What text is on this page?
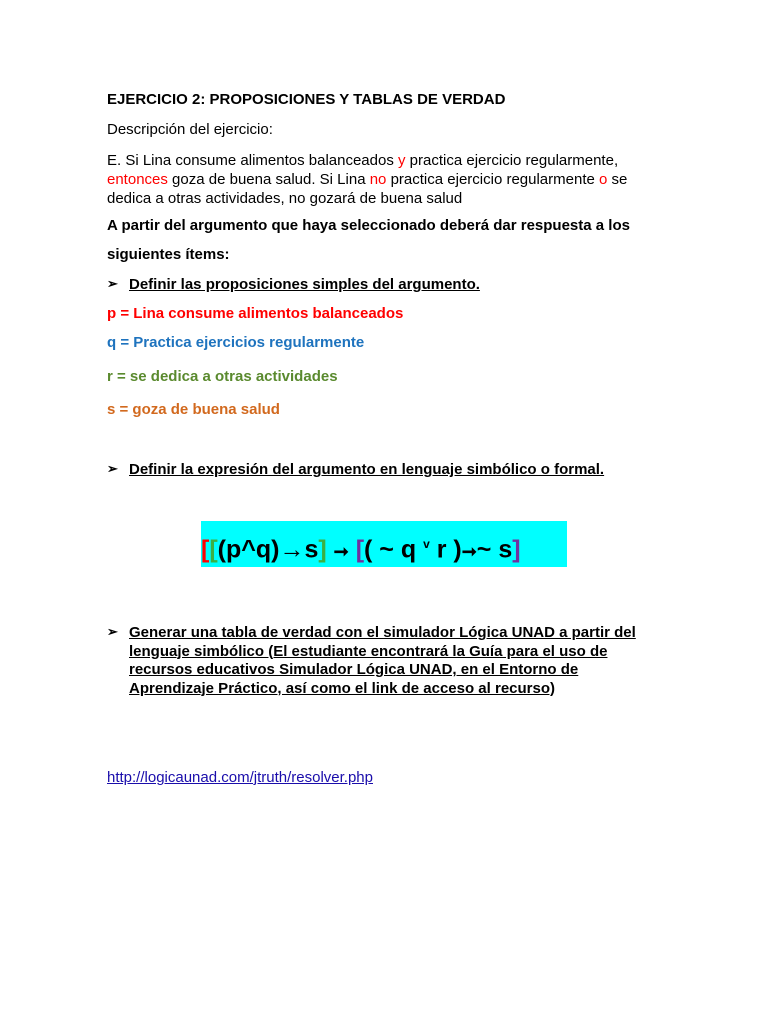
EJERCICIO 2: PROPOSICIONES Y TABLAS DE VERDAD
Descripción del ejercicio:
E. Si Lina consume alimentos balanceados y practica ejercicio regularmente, entonces goza de buena salud. Si Lina no practica ejercicio regularmente o se dedica a otras actividades, no gozará de buena salud
A partir del argumento que haya seleccionado deberá dar respuesta a los
siguientes ítems:
➢ Definir las proposiciones simples del argumento.
p = Lina consume alimentos balanceados
q = Practica ejercicios regularmente
r = se dedica a otras actividades
s = goza de buena salud
➢ Definir la expresión del argumento en lenguaje simbólico o formal.
[[(p^q)→s] ➞ [( ~ q $^v$ r )➞~ s]
➢ Generar una tabla de verdad con el simulador Lógica UNAD a partir del lenguaje simbólico (El estudiante encontrará la Guía para el uso de recursos educativos Simulador Lógica UNAD, en el Entorno de Aprendizaje Práctico, así como el link de acceso al recurso)
http://logicaunad.com/jtruth/resolver.php
